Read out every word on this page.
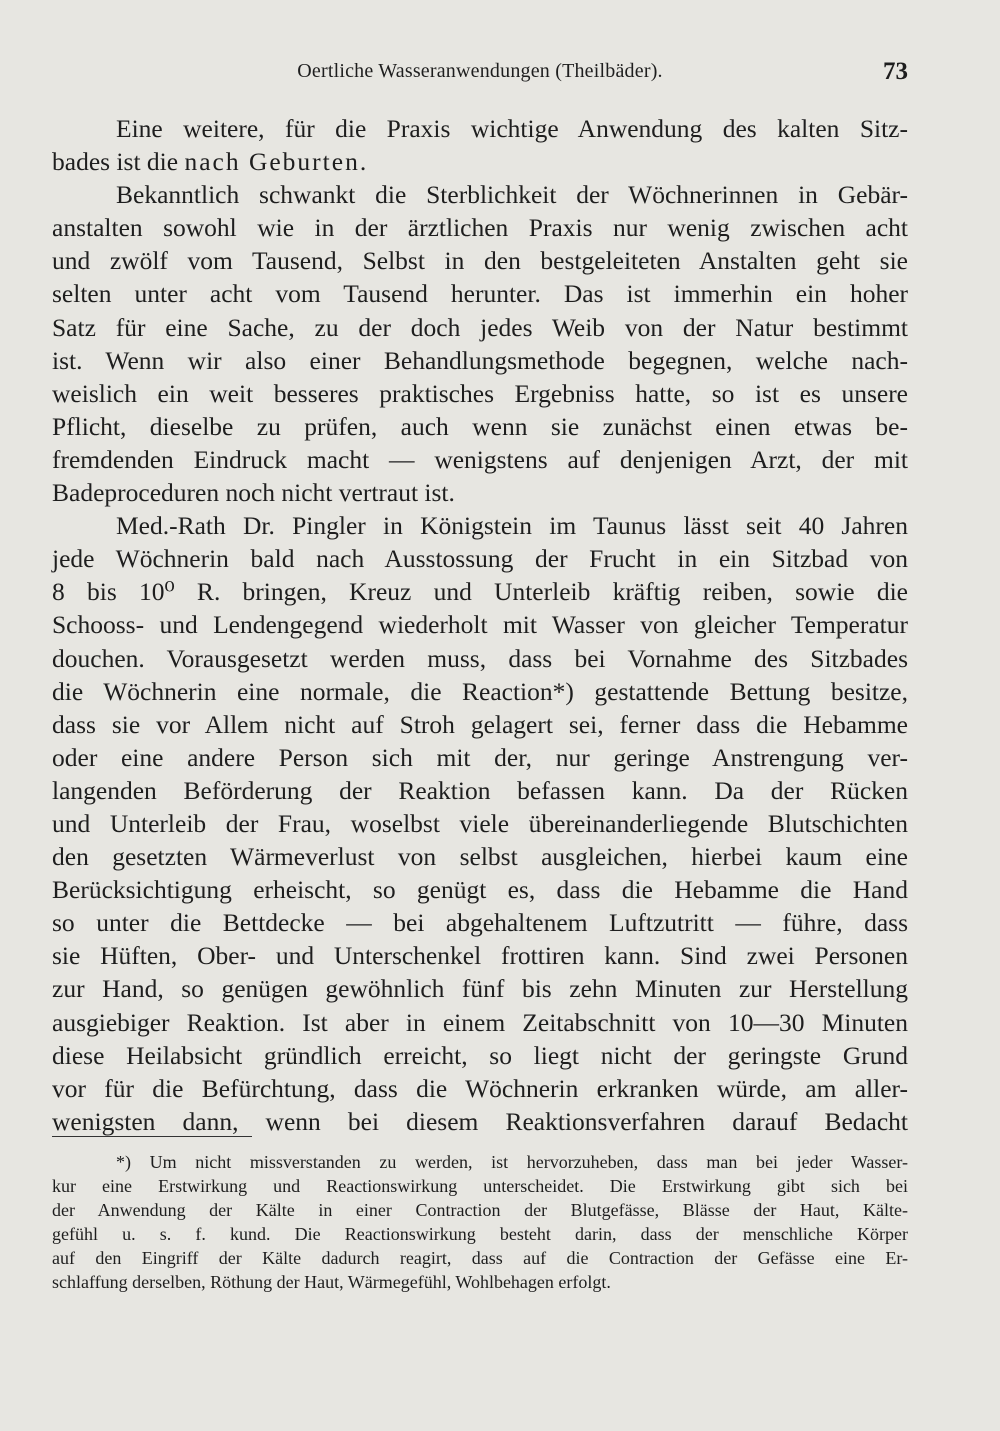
Oertliche Wasseranwendungen (Theilbäder).	73
Eine weitere, für die Praxis wichtige Anwendung des kalten Sitz-
bades ist die nach Geburten.
Bekanntlich schwankt die Sterblichkeit der Wöchnerinnen in Gebär-
anstalten sowohl wie in der ärztlichen Praxis nur wenig zwischen acht
und zwölf vom Tausend, Selbst in den bestgeleiteten Anstalten geht sie
selten unter acht vom Tausend herunter. Das ist immerhin ein hoher
Satz für eine Sache, zu der doch jedes Weib von der Natur bestimmt
ist. Wenn wir also einer Behandlungsmethode begegnen, welche nach-
weislich ein weit besseres praktisches Ergebniss hatte, so ist es unsere
Pflicht, dieselbe zu prüfen, auch wenn sie zunächst einen etwas be-
fremdenden Eindruck macht — wenigstens auf denjenigen Arzt, der mit
Badeproceduren noch nicht vertraut ist.
Med.-Rath Dr. Pingler in Königstein im Taunus lässt seit 40 Jahren
jede Wöchnerin bald nach Ausstossung der Frucht in ein Sitzbad von
8 bis 10⁰ R. bringen, Kreuz und Unterleib kräftig reiben, sowie die
Schooss- und Lendengegend wiederholt mit Wasser von gleicher Temperatur
douchen. Vorausgesetzt werden muss, dass bei Vornahme des Sitzbades
die Wöchnerin eine normale, die Reaction*) gestattende Bettung besitze,
dass sie vor Allem nicht auf Stroh gelagert sei, ferner dass die Hebamme
oder eine andere Person sich mit der, nur geringe Anstrengung ver-
langenden Beförderung der Reaktion befassen kann. Da der Rücken
und Unterleib der Frau, woselbst viele übereinanderliegende Blutschichten
den gesetzten Wärmeverlust von selbst ausgleichen, hierbei kaum eine
Berücksichtigung erheischt, so genügt es, dass die Hebamme die Hand
so unter die Bettdecke — bei abgehaltenem Luftzutritt — führe, dass
sie Hüften, Ober- und Unterschenkel frottiren kann. Sind zwei Personen
zur Hand, so genügen gewöhnlich fünf bis zehn Minuten zur Herstellung
ausgiebiger Reaktion. Ist aber in einem Zeitabschnitt von 10—30 Minuten
diese Heilabsicht gründlich erreicht, so liegt nicht der geringste Grund
vor für die Befürchtung, dass die Wöchnerin erkranken würde, am aller-
wenigsten dann, wenn bei diesem Reaktionsverfahren darauf Bedacht
*) Um nicht missverstanden zu werden, ist hervorzuheben, dass man bei jeder Wasser-
kur eine Erstwirkung und Reactionswirkung unterscheidet. Die Erstwirkung gibt sich bei
der Anwendung der Kälte in einer Contraction der Blutgefässe, Blässe der Haut, Kälte-
gefühl u. s. f. kund. Die Reactionswirkung besteht darin, dass der menschliche Körper
auf den Eingriff der Kälte dadurch reagirt, dass auf die Contraction der Gefässe eine Er-
schlaffung derselben, Röthung der Haut, Wärmegefühl, Wohlbehagen erfolgt.
